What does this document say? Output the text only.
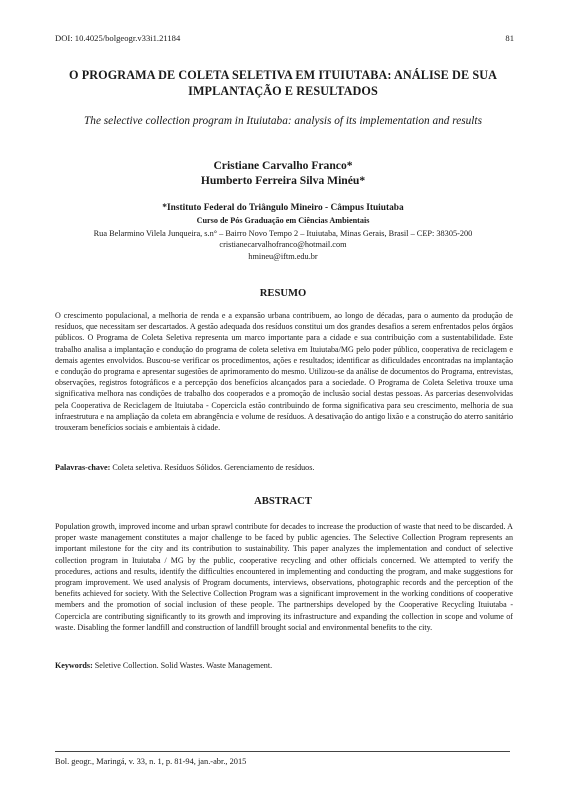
DOI: 10.4025/bolgeogr.v33i1.21184	81
O PROGRAMA DE COLETA SELETIVA EM ITUIUTABA: ANÁLISE DE SUA IMPLANTAÇÃO E RESULTADOS
The selective collection program in Ituiutaba: analysis of its implementation and results
Cristiane Carvalho Franco*
Humberto Ferreira Silva Minéu*
*Instituto Federal do Triângulo Mineiro - Câmpus Ituiutaba
Curso de Pós Graduação em Ciências Ambientais
Rua Belarmino Vilela Junqueira, s.n° – Bairro Novo Tempo 2 – Ituiutaba, Minas Gerais, Brasil – CEP: 38305-200
cristianecarvalhofranco@hotmail.com
hmineu@iftm.edu.br
RESUMO

O crescimento populacional, a melhoria de renda e a expansão urbana contribuem, ao longo de décadas, para o aumento da produção de resíduos, que necessitam ser descartados. A gestão adequada dos resíduos constitui um dos grandes desafios a serem enfrentados pelos órgãos públicos. O Programa de Coleta Seletiva representa um marco importante para a cidade e sua contribuição com a sustentabilidade. Este trabalho analisa a implantação e condução do programa de coleta seletiva em Ituiutaba/MG pelo poder público, cooperativa de reciclagem e demais agentes envolvidos. Buscou-se verificar os procedimentos, ações e resultados; identificar as dificuldades encontradas na implantação e condução do programa e apresentar sugestões de aprimoramento do mesmo. Utilizou-se da análise de documentos do Programa, entrevistas, observações, registros fotográficos e a percepção dos benefícios alcançados para a sociedade. O Programa de Coleta Seletiva trouxe uma significativa melhora nas condições de trabalho dos cooperados e a promoção de inclusão social destas pessoas. As parcerias desenvolvidas pela Cooperativa de Reciclagem de Ituiutaba - Copercicla estão contribuindo de forma significativa para seu crescimento, melhoria de sua infraestrutura e na ampliação da coleta em abrangência e volume de resíduos. A desativação do antigo lixão e a construção do aterro sanitário trouxeram benefícios sociais e ambientais à cidade.

Palavras-chave: Coleta seletiva. Resíduos Sólidos. Gerenciamento de resíduos.
ABSTRACT

Population growth, improved income and urban sprawl contribute for decades to increase the production of waste that need to be discarded. A proper waste management constitutes a major challenge to be faced by public agencies. The Selective Collection Program represents an important milestone for the city and its contribution to sustainability. This paper analyzes the implementation and conduct of selective collection program in Ituiutaba / MG by the public, cooperative recycling and other officials concerned. We attempted to verify the procedures, actions and results, identify the difficulties encountered in implementing and conducting the program, and make suggestions for program improvement. We used analysis of Program documents, interviews, observations, photographic records and the perception of the benefits achieved for society. With the Selective Collection Program was a significant improvement in the working conditions of cooperative members and the promotion of social inclusion of these people. The partnerships developed by the Cooperative Recycling Ituiutaba - Copercicla are contributing significantly to its growth and improving its infrastructure and expanding the collection in scope and volume of waste. Disabling the former landfill and construction of landfill brought social and environmental benefits to the city.

Keywords: Seletive Collection. Solid Wastes. Waste Management.
Bol. geogr., Maringá, v. 33, n. 1, p. 81-94, jan.-abr., 2015
